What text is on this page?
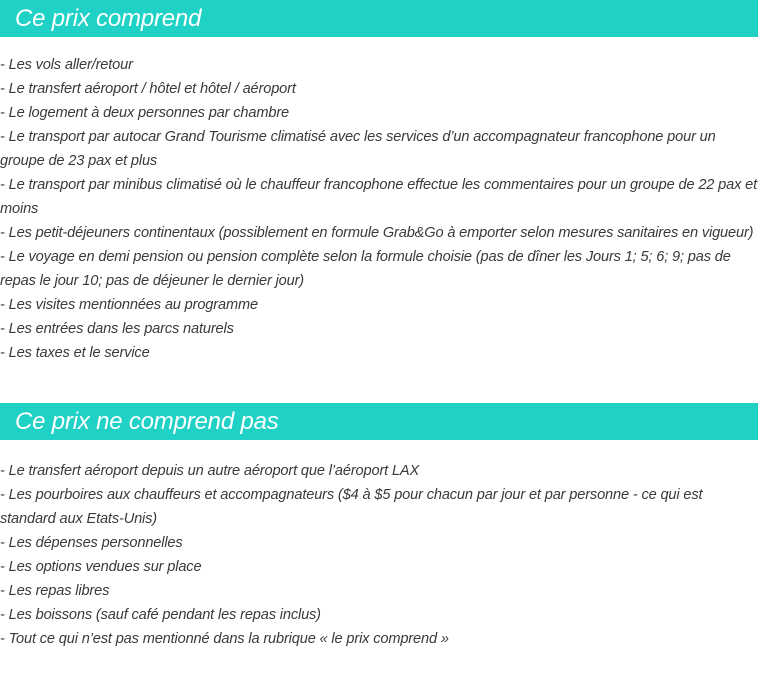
Ce prix comprend
- Les vols aller/retour
- Le transfert aéroport / hôtel et hôtel / aéroport
- Le logement à deux personnes par chambre
- Le transport par autocar Grand Tourisme climatisé avec les services d’un accompagnateur francophone pour un groupe de 23 pax et plus
- Le transport par minibus climatisé où le chauffeur francophone effectue les commentaires pour un groupe de 22 pax et moins
- Les petit-déjeuners continentaux (possiblement en formule Grab&Go à emporter selon mesures sanitaires en vigueur)
- Le voyage en demi pension ou pension complète selon la formule choisie (pas de dîner les Jours 1; 5; 6; 9; pas de repas le jour 10; pas de déjeuner le dernier jour)
- Les visites mentionnées au programme
- Les entrées dans les parcs naturels
- Les taxes et le service
Ce prix ne comprend pas
- Le transfert aéroport depuis un autre aéroport que l’aéroport LAX
- Les pourboires aux chauffeurs et accompagnateurs ($4 à $5 pour chacun par jour et par personne - ce qui est standard aux Etats-Unis)
- Les dépenses personnelles
- Les options vendues sur place
- Les repas libres
- Les boissons (sauf café pendant les repas inclus)
- Tout ce qui n’est pas mentionné dans la rubrique « le prix comprend »
